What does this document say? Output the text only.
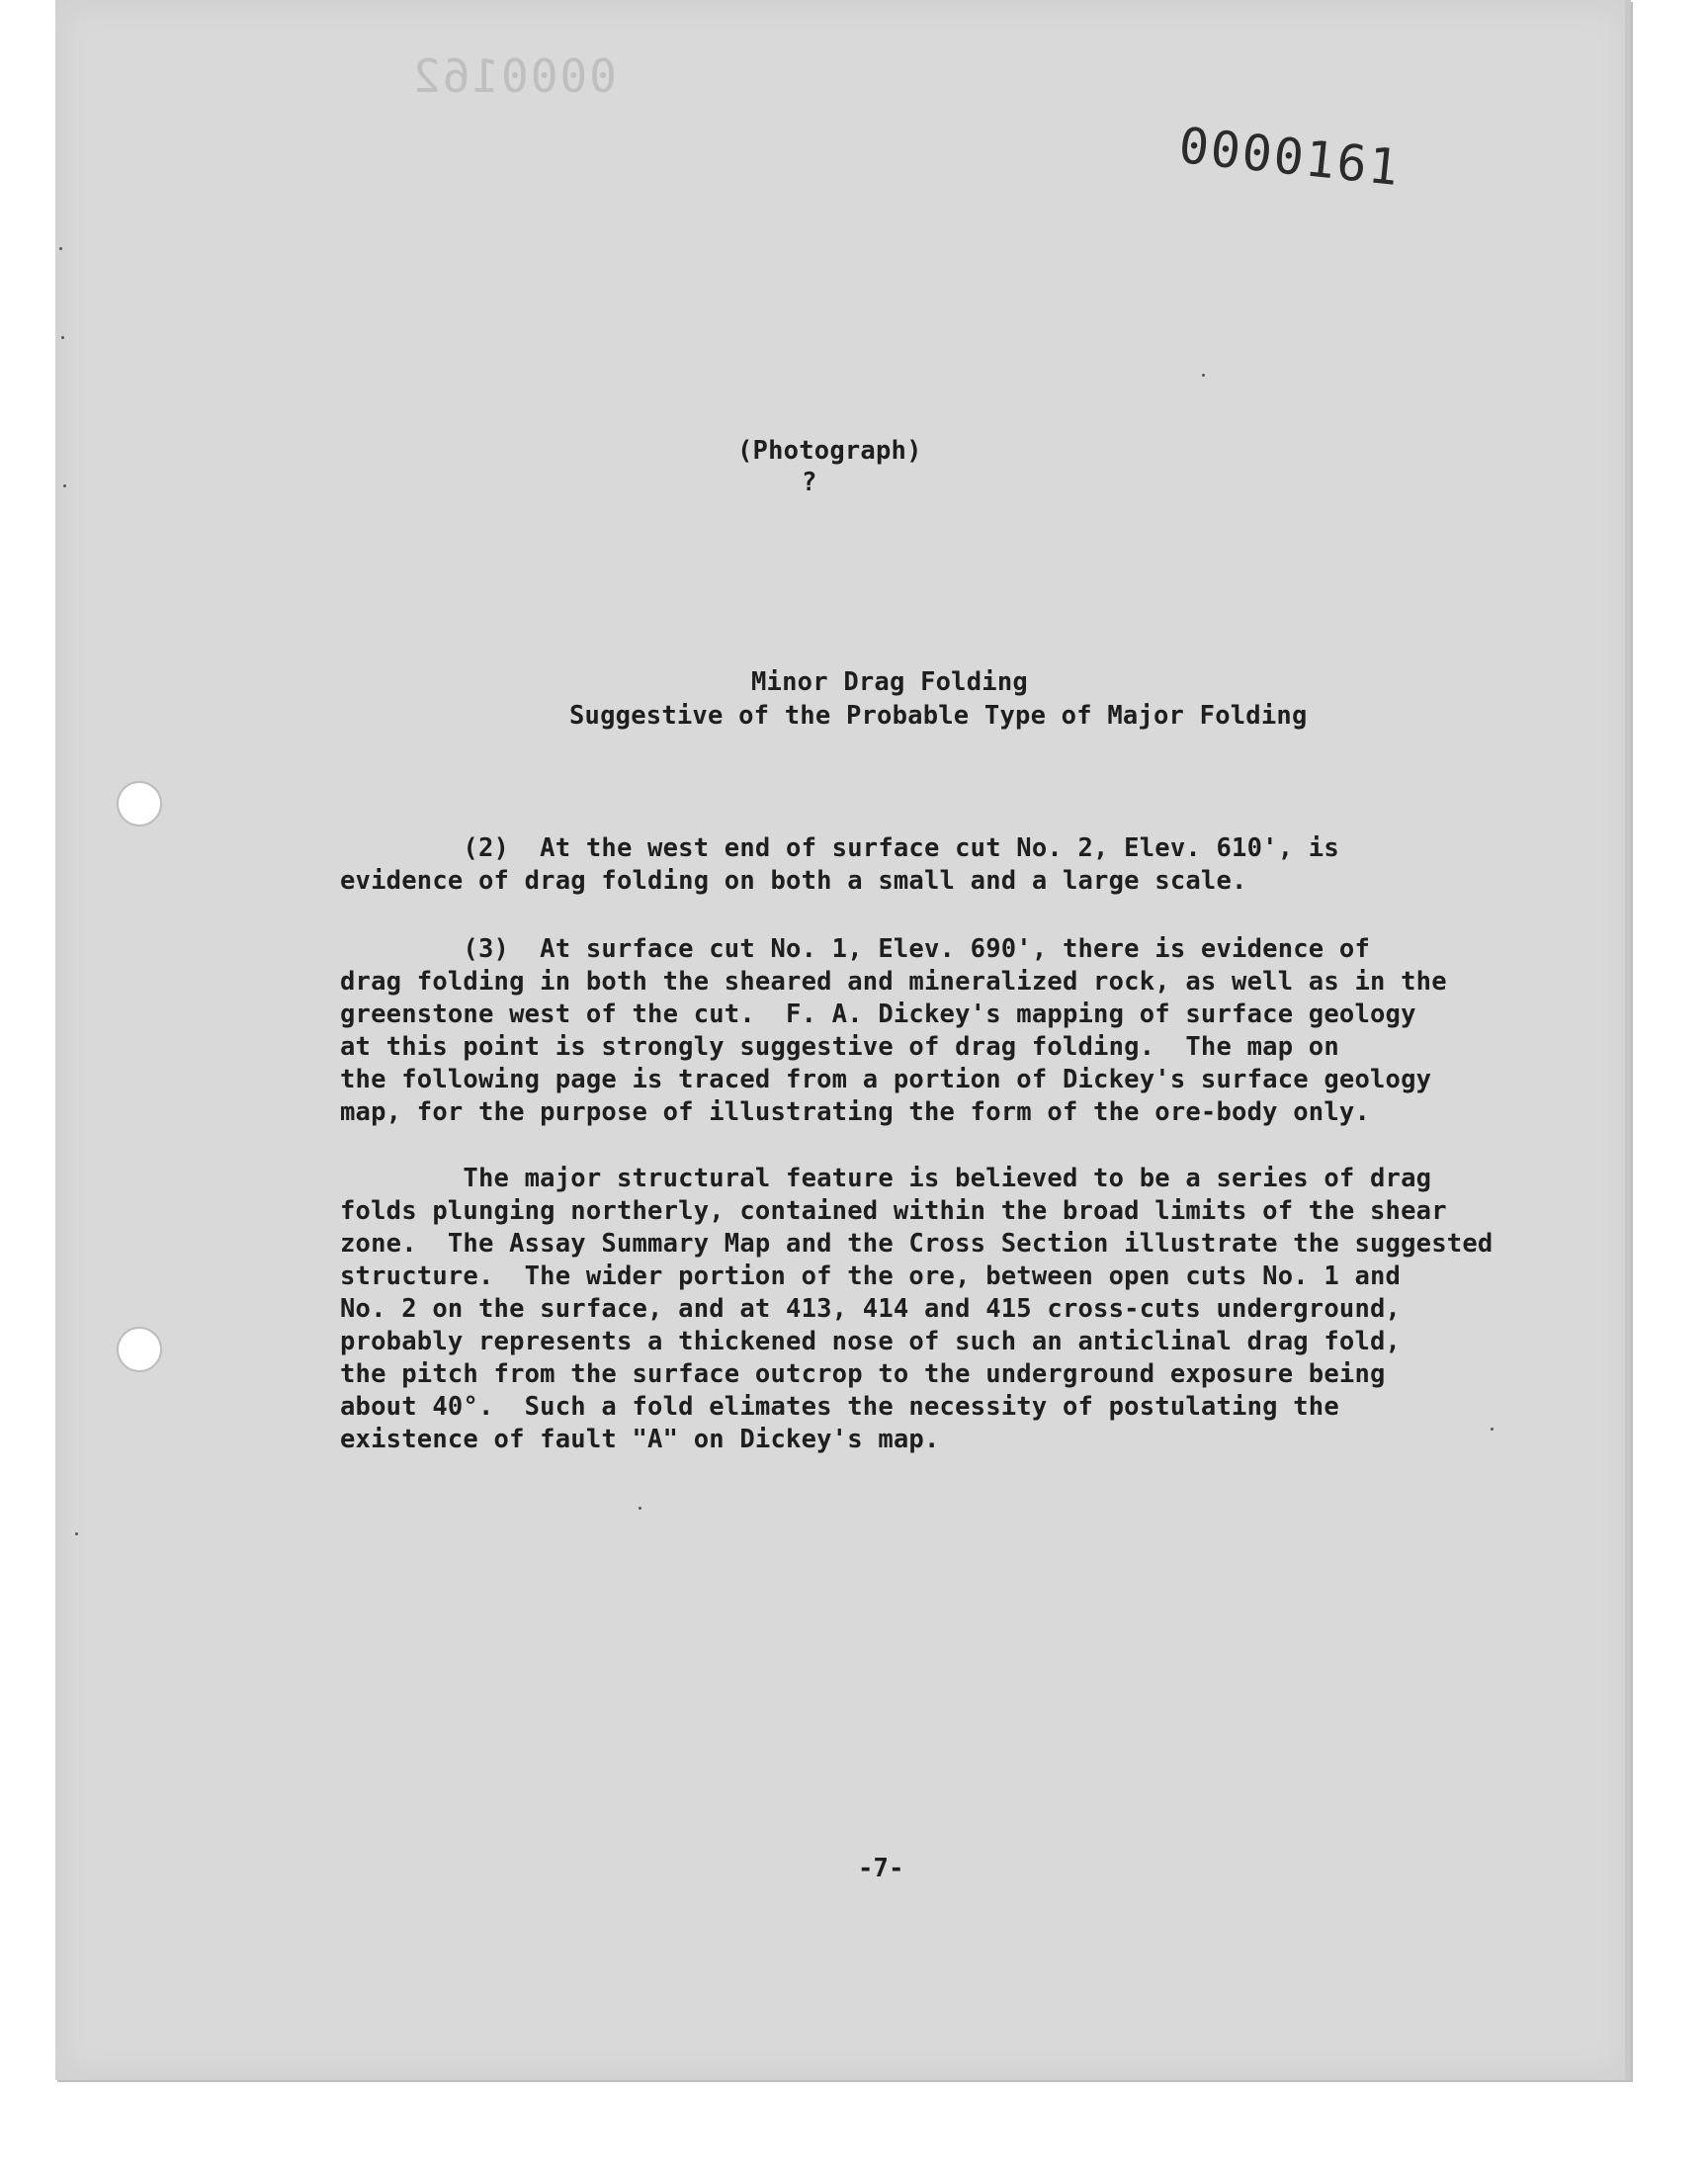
0000162
0000161
(Photograph)
?
Minor Drag Folding
Suggestive of the Probable Type of Major Folding
(2)  At the west end of surface cut No. 2, Elev. 610', is
evidence of drag folding on both a small and a large scale.
(3)  At surface cut No. 1, Elev. 690', there is evidence of
drag folding in both the sheared and mineralized rock, as well as in the
greenstone west of the cut.  F. A. Dickey's mapping of surface geology
at this point is strongly suggestive of drag folding.  The map on
the following page is traced from a portion of Dickey's surface geology
map, for the purpose of illustrating the form of the ore-body only.
The major structural feature is believed to be a series of drag
folds plunging northerly, contained within the broad limits of the shear
zone.  The Assay Summary Map and the Cross Section illustrate the suggested
structure.  The wider portion of the ore, between open cuts No. 1 and
No. 2 on the surface, and at 413, 414 and 415 cross-cuts underground,
probably represents a thickened nose of such an anticlinal drag fold,
the pitch from the surface outcrop to the underground exposure being
about 40°.  Such a fold elimates the necessity of postulating the
existence of fault "A" on Dickey's map.
-7-
